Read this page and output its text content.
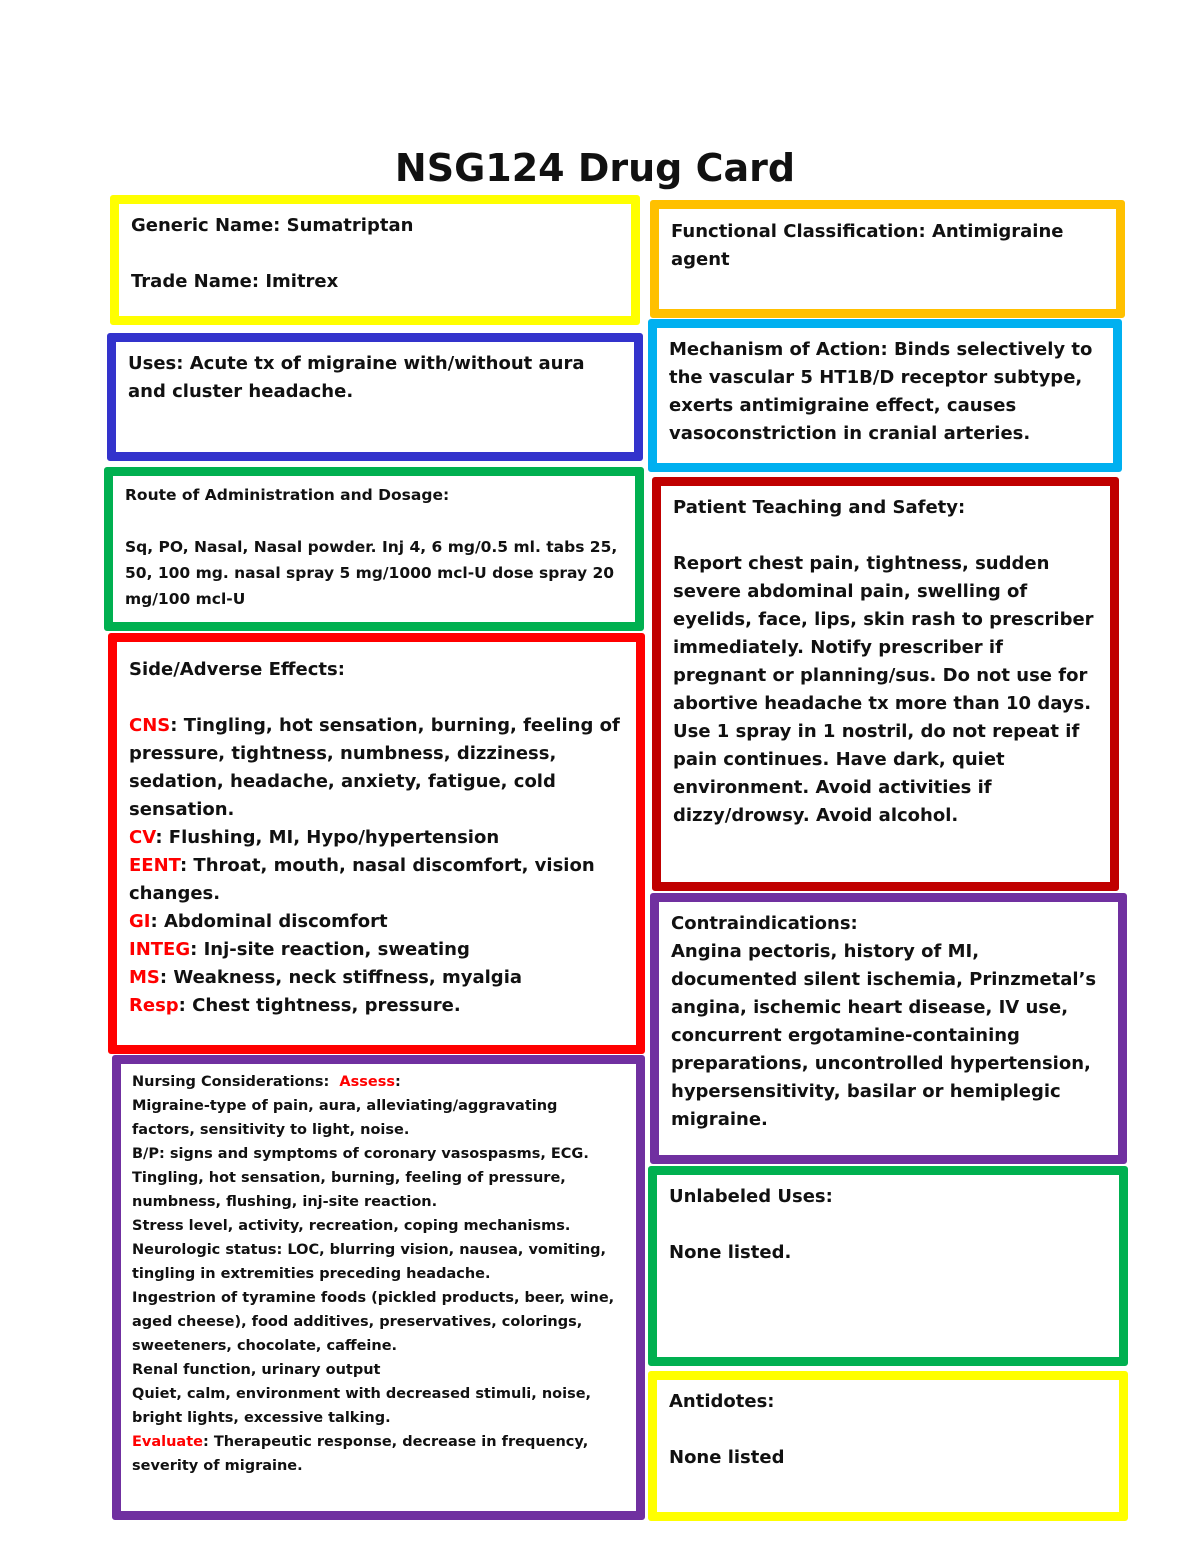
NSG124 Drug Card

Generic Name: Sumatriptan

Trade Name: Imitrex

Functional Classification: Antimigraine agent

Uses: Acute tx of migraine with/without aura and cluster headache.

Mechanism of Action: Binds selectively to the vascular 5 HT1B/D receptor subtype, exerts antimigraine effect, causes vasoconstriction in cranial arteries.

Route of Administration and Dosage:

Sq, PO, Nasal, Nasal powder. Inj 4, 6 mg/0.5 ml. tabs 25, 50, 100 mg. nasal spray 5 mg/1000 mcl-U dose spray 20 mg/100 mcl-U

Patient Teaching and Safety:

Report chest pain, tightness, sudden severe abdominal pain, swelling of eyelids, face, lips, skin rash to prescriber immediately. Notify prescriber if pregnant or planning/sus. Do not use for abortive headache tx more than 10 days.

Use 1 spray in 1 nostril, do not repeat if pain continues. Have dark, quiet environment. Avoid activities if dizzy/drowsy. Avoid alcohol.

Side/Adverse Effects:

CNS: Tingling, hot sensation, burning, feeling of pressure, tightness, numbness, dizziness, sedation, headache, anxiety, fatigue, cold sensation.

CV: Flushing, MI, Hypo/hypertension

EENT: Throat, mouth, nasal discomfort, vision changes.

GI: Abdominal discomfort

INTEG: Inj-site reaction, sweating

MS: Weakness, neck stiffness, myalgia

Resp: Chest tightness, pressure.

Contraindications:

Angina pectoris, history of MI, documented silent ischemia, Prinzmetal’s angina, ischemic heart disease, IV use, concurrent ergotamine-containing preparations, uncontrolled hypertension, hypersensitivity, basilar or hemiplegic migraine.

Nursing Considerations: Assess:

Migraine-type of pain, aura, alleviating/aggravating factors, sensitivity to light, noise.

B/P: signs and symptoms of coronary vasospasms, ECG.

Tingling, hot sensation, burning, feeling of pressure, numbness, flushing, inj-site reaction.

Stress level, activity, recreation, coping mechanisms.

Neurologic status: LOC, blurring vision, nausea, vomiting, tingling in extremities preceding headache.

Ingestrion of tyramine foods (pickled products, beer, wine, aged cheese), food additives, preservatives, colorings, sweeteners, chocolate, caffeine.

Renal function, urinary output

Quiet, calm, environment with decreased stimuli, noise, bright lights, excessive talking.

Evaluate: Therapeutic response, decrease in frequency, severity of migraine.

Unlabeled Uses:

None listed.

Antidotes:

None listed
